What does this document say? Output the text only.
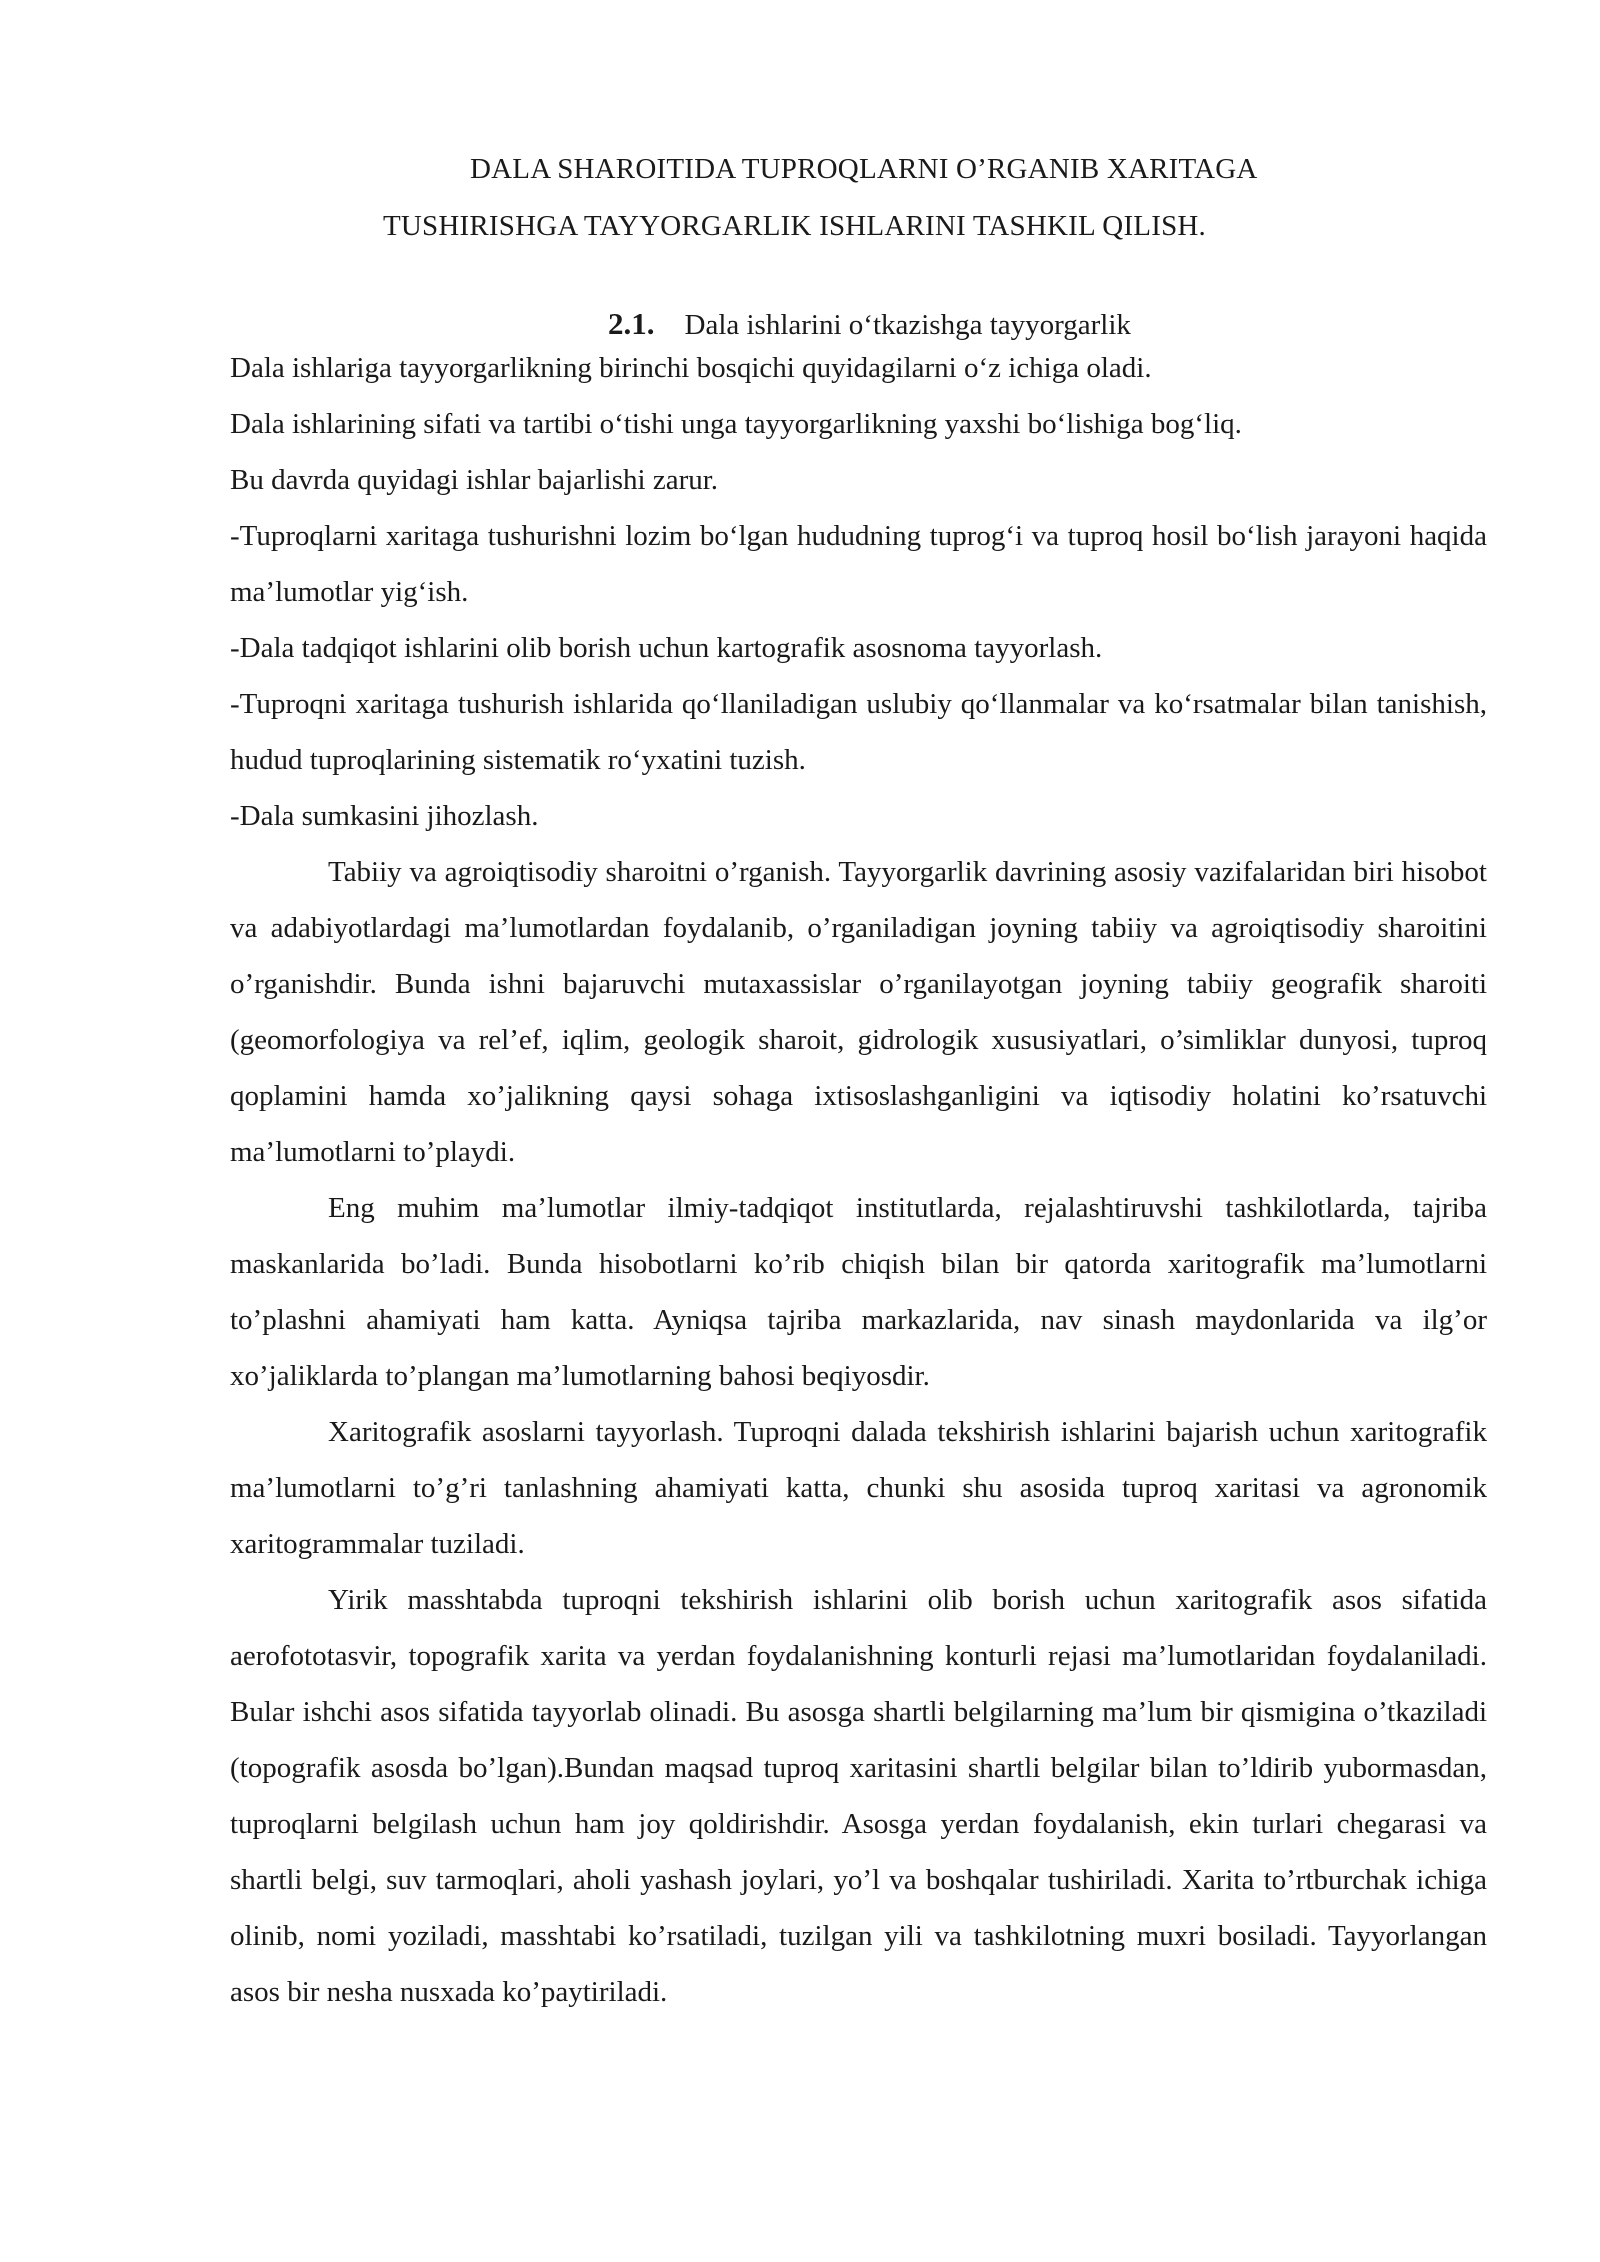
DALA SHAROITIDA TUPROQLARNI O’RGANIB XARITAGA
TUSHIRISHGA TAYYORGARLIK ISHLARINI TASHKIL QILISH.
2.1. Dala ishlarini o‘tkazishga tayyorgarlik

Dala ishlariga tayyorgarlikning birinchi bosqichi quyidagilarni o‘z ichiga oladi.

Dala ishlarining sifati va tartibi o‘tishi unga tayyorgarlikning yaxshi bo‘lishiga bog‘liq.

Bu davrda quyidagi ishlar bajarlishi zarur.

-Tuproqlarni xaritaga tushurishni lozim bo‘lgan hududning tuprog‘i va tuproq hosil bo‘lish jarayoni haqida ma’lumotlar yig‘ish.

-Dala tadqiqot ishlarini olib borish uchun kartografik asosnoma tayyorlash.

-Tuproqni xaritaga tushurish ishlarida qo‘llaniladigan uslubiy qo‘llanmalar va ko‘rsatmalar bilan tanishish, hudud tuproqlarining sistematik ro‘yxatini tuzish.

-Dala sumkasini jihozlash.

Tabiiy va agroiqtisodiy sharoitni o’rganish. Tayyorgarlik davrining asosiy vazifalaridan biri hisobot va adabiyotlardagi ma’lumotlardan foydalanib, o’rganiladigan joyning tabiiy va agroiqtisodiy sharoitini o’rganishdir. Bunda ishni bajaruvchi mutaxassislar o’rganilayotgan joyning tabiiy geografik sharoiti (geomorfologiya va rel’ef, iqlim, geologik sharoit, gidrologik xususiyatlari, o’simliklar dunyosi, tuproq qoplamini hamda xo’jalikning qaysi sohaga ixtisoslashganligini va iqtisodiy holatini ko’rsatuvchi ma’lumotlarni to’playdi.

Eng muhim ma’lumotlar ilmiy-tadqiqot institutlarda, rejalashtiruvshi tashkilotlarda, tajriba maskanlarida bo’ladi. Bunda hisobotlarni ko’rib chiqish bilan bir qatorda xaritografik ma’lumotlarni to’plashni ahamiyati ham katta. Ayniqsa tajriba markazlarida, nav sinash maydonlarida va ilg’or xo’jaliklarda to’plangan ma’lumotlarning bahosi beqiyosdir.

Xaritografik asoslarni tayyorlash. Tuproqni dalada tekshirish ishlarini bajarish uchun xaritografik ma’lumotlarni to’g’ri tanlashning ahamiyati katta, chunki shu asosida tuproq xaritasi va agronomik xaritogrammalar tuziladi.

Yirik masshtabda tuproqni tekshirish ishlarini olib borish uchun xaritografik asos sifatida aerofototasvir, topografik xarita va yerdan foydalanishning konturli rejasi ma’lumotlaridan foydalaniladi. Bular ishchi asos sifatida tayyorlab olinadi. Bu asosga shartli belgilarning ma’lum bir qismigina o’tkaziladi (topografik asosda bo’lgan).Bundan maqsad tuproq xaritasini shartli belgilar bilan to’ldirib yubormasdan, tuproqlarni belgilash uchun ham joy qoldirishdir. Asosga yerdan foydalanish, ekin turlari chegarasi va shartli belgi, suv tarmoqlari, aholi yashash joylari, yo’l va boshqalar tushiriladi. Xarita to’rtburchak ichiga olinib, nomi yoziladi, masshtabi ko’rsatiladi, tuzilgan yili va tashkilotning muxri bosiladi. Tayyorlangan asos bir nesha nusxada ko’paytiriladi.
